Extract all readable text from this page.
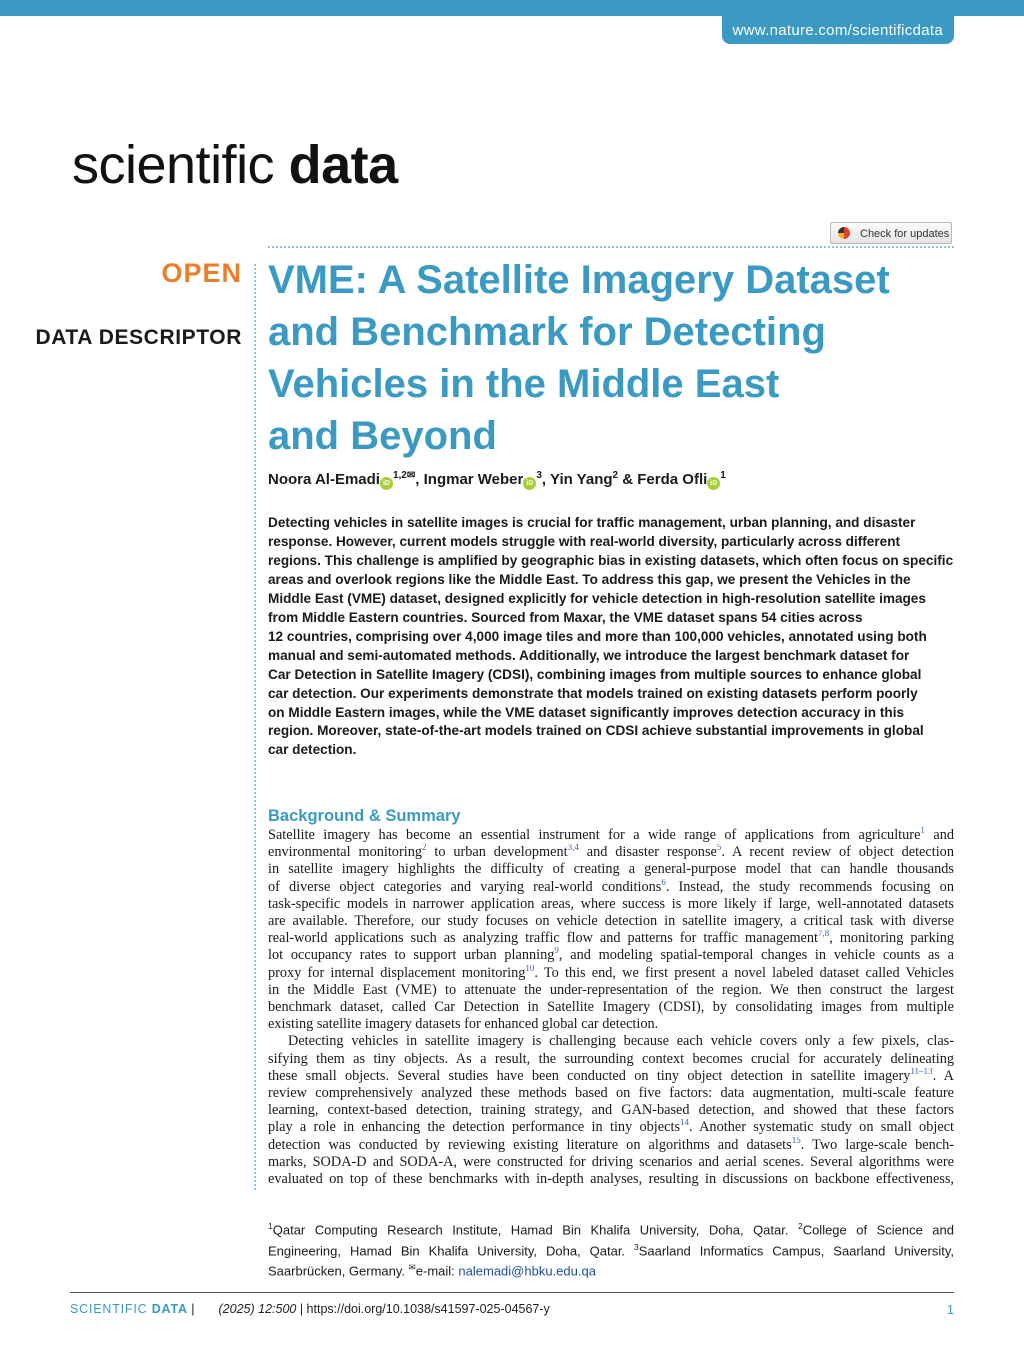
www.nature.com/scientificdata
scientific data
Check for updates
OPEN
DATA DESCRIPTOR
VME: A Satellite Imagery Dataset
and Benchmark for Detecting
Vehicles in the Middle East
and Beyond
Noora Al-Emadi $iD^{1,2✉}$, Ingmar Weber $iD^3$, Yin Yang$^2$ & Ferda Ofli $iD^1$
Detecting vehicles in satellite images is crucial for traffic management, urban planning, and disaster
response. However, current models struggle with real-world diversity, particularly across different
regions. This challenge is amplified by geographic bias in existing datasets, which often focus on specific
areas and overlook regions like the Middle East. To address this gap, we present the Vehicles in the
Middle East (VME) dataset, designed explicitly for vehicle detection in high-resolution satellite images
from Middle Eastern countries. Sourced from Maxar, the VME dataset spans 54 cities across
12 countries, comprising over 4,000 image tiles and more than 100,000 vehicles, annotated using both
manual and semi-automated methods. Additionally, we introduce the largest benchmark dataset for
Car Detection in Satellite Imagery (CDSI), combining images from multiple sources to enhance global
car detection. Our experiments demonstrate that models trained on existing datasets perform poorly
on Middle Eastern images, while the VME dataset significantly improves detection accuracy in this
region. Moreover, state-of-the-art models trained on CDSI achieve substantial improvements in global
car detection.
Background & Summary
Satellite imagery has become an essential instrument for a wide range of applications from agriculture$^1$ and
environmental monitoring$^2$ to urban development$^{3,4}$ and disaster response$^5$. A recent review of object detection
in satellite imagery highlights the difficulty of creating a general-purpose model that can handle thousands
of diverse object categories and varying real-world conditions$^6$. Instead, the study recommends focusing on
task-specific models in narrower application areas, where success is more likely if large, well-annotated datasets
are available. Therefore, our study focuses on vehicle detection in satellite imagery, a critical task with diverse
real-world applications such as analyzing traffic flow and patterns for traffic management$^{7,8}$, monitoring parking
lot occupancy rates to support urban planning$^9$, and modeling spatial-temporal changes in vehicle counts as a
proxy for internal displacement monitoring$^{10}$. To this end, we first present a novel labeled dataset called Vehicles
in the Middle East (VME) to attenuate the under-representation of the region. We then construct the largest
benchmark dataset, called Car Detection in Satellite Imagery (CDSI), by consolidating images from multiple
existing satellite imagery datasets for enhanced global car detection.
Detecting vehicles in satellite imagery is challenging because each vehicle covers only a few pixels, clas-
sifying them as tiny objects. As a result, the surrounding context becomes crucial for accurately delineating
these small objects. Several studies have been conducted on tiny object detection in satellite imagery$^{11-13}$. A
review comprehensively analyzed these methods based on five factors: data augmentation, multi-scale feature
learning, context-based detection, training strategy, and GAN-based detection, and showed that these factors
play a role in enhancing the detection performance in tiny objects$^{14}$. Another systematic study on small object
detection was conducted by reviewing existing literature on algorithms and datasets$^{15}$. Two large-scale bench-
marks, SODA-D and SODA-A, were constructed for driving scenarios and aerial scenes. Several algorithms were
evaluated on top of these benchmarks with in-depth analyses, resulting in discussions on backbone effectiveness,
$^1$Qatar Computing Research Institute, Hamad Bin Khalifa University, Doha, Qatar. $^2$College of Science and
Engineering, Hamad Bin Khalifa University, Doha, Qatar. $^3$Saarland Informatics Campus, Saarland University,
Saarbrücken, Germany. ✉e-mail: nalemadi@hbku.edu.qa
SCIENTIFIC DATA | (2025) 12:500 | https://doi.org/10.1038/s41597-025-04567-y	1
